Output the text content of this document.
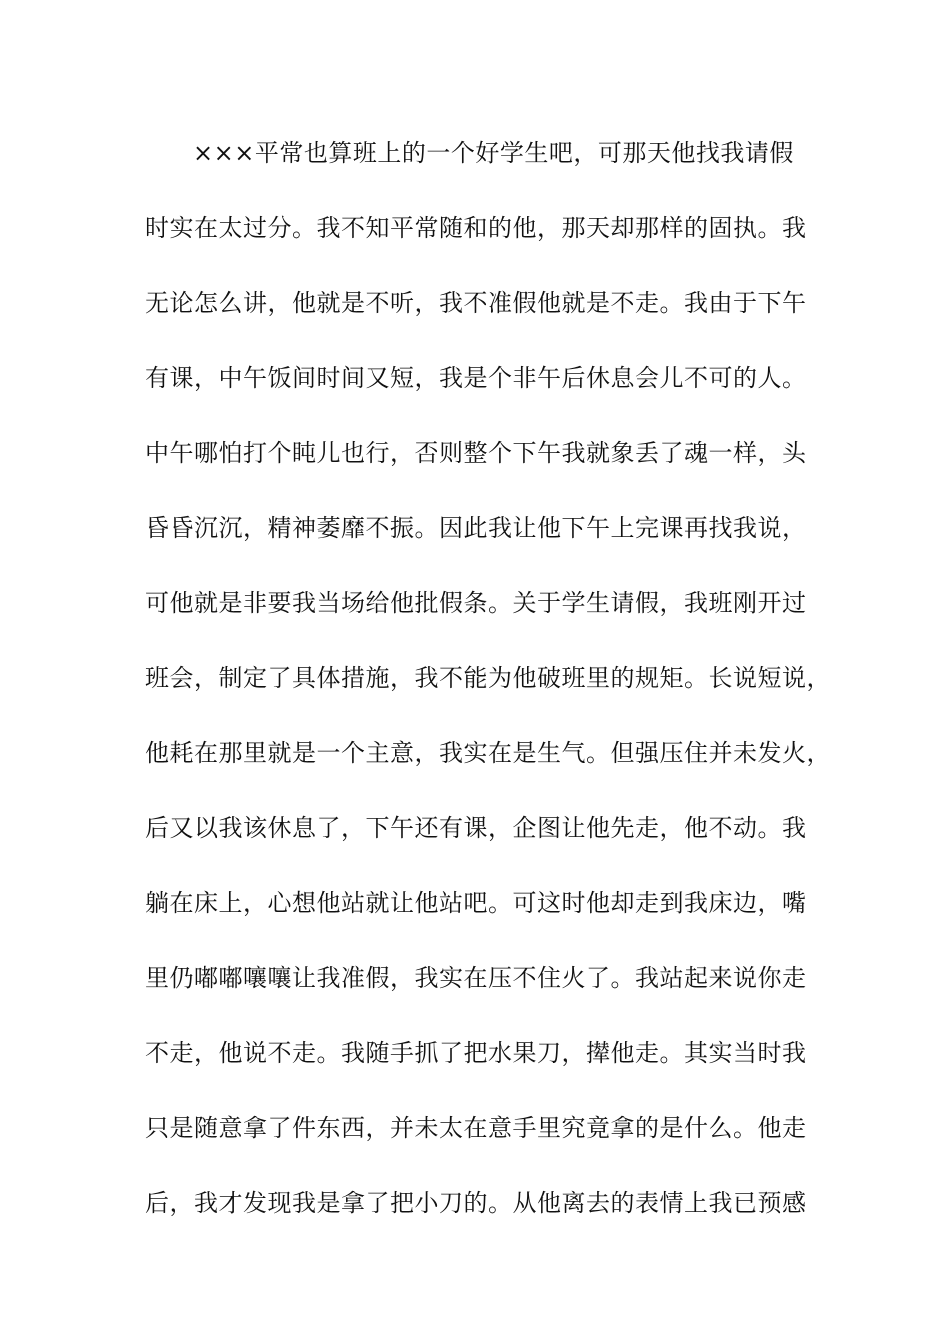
×××平常也算班上的一个好学生吧，可那天他找我请假
时实在太过分。我不知平常随和的他，那天却那样的固执。我
无论怎么讲，他就是不听，我不准假他就是不走。我由于下午
有课，中午饭间时间又短，我是个非午后休息会儿不可的人。
中午哪怕打个盹儿也行，否则整个下午我就象丢了魂一样，头
昏昏沉沉，精神萎靡不振。因此我让他下午上完课再找我说，
可他就是非要我当场给他批假条。关于学生请假，我班刚开过
班会，制定了具体措施，我不能为他破班里的规矩。长说短说，
他耗在那里就是一个主意，我实在是生气。但强压住并未发火，
后又以我该休息了，下午还有课，企图让他先走，他不动。我
躺在床上，心想他站就让他站吧。可这时他却走到我床边，嘴
里仍嘟嘟嚷嚷让我准假，我实在压不住火了。我站起来说你走
不走，他说不走。我随手抓了把水果刀，撵他走。其实当时我
只是随意拿了件东西，并未太在意手里究竟拿的是什么。他走
后，我才发现我是拿了把小刀的。从他离去的表情上我已预感
